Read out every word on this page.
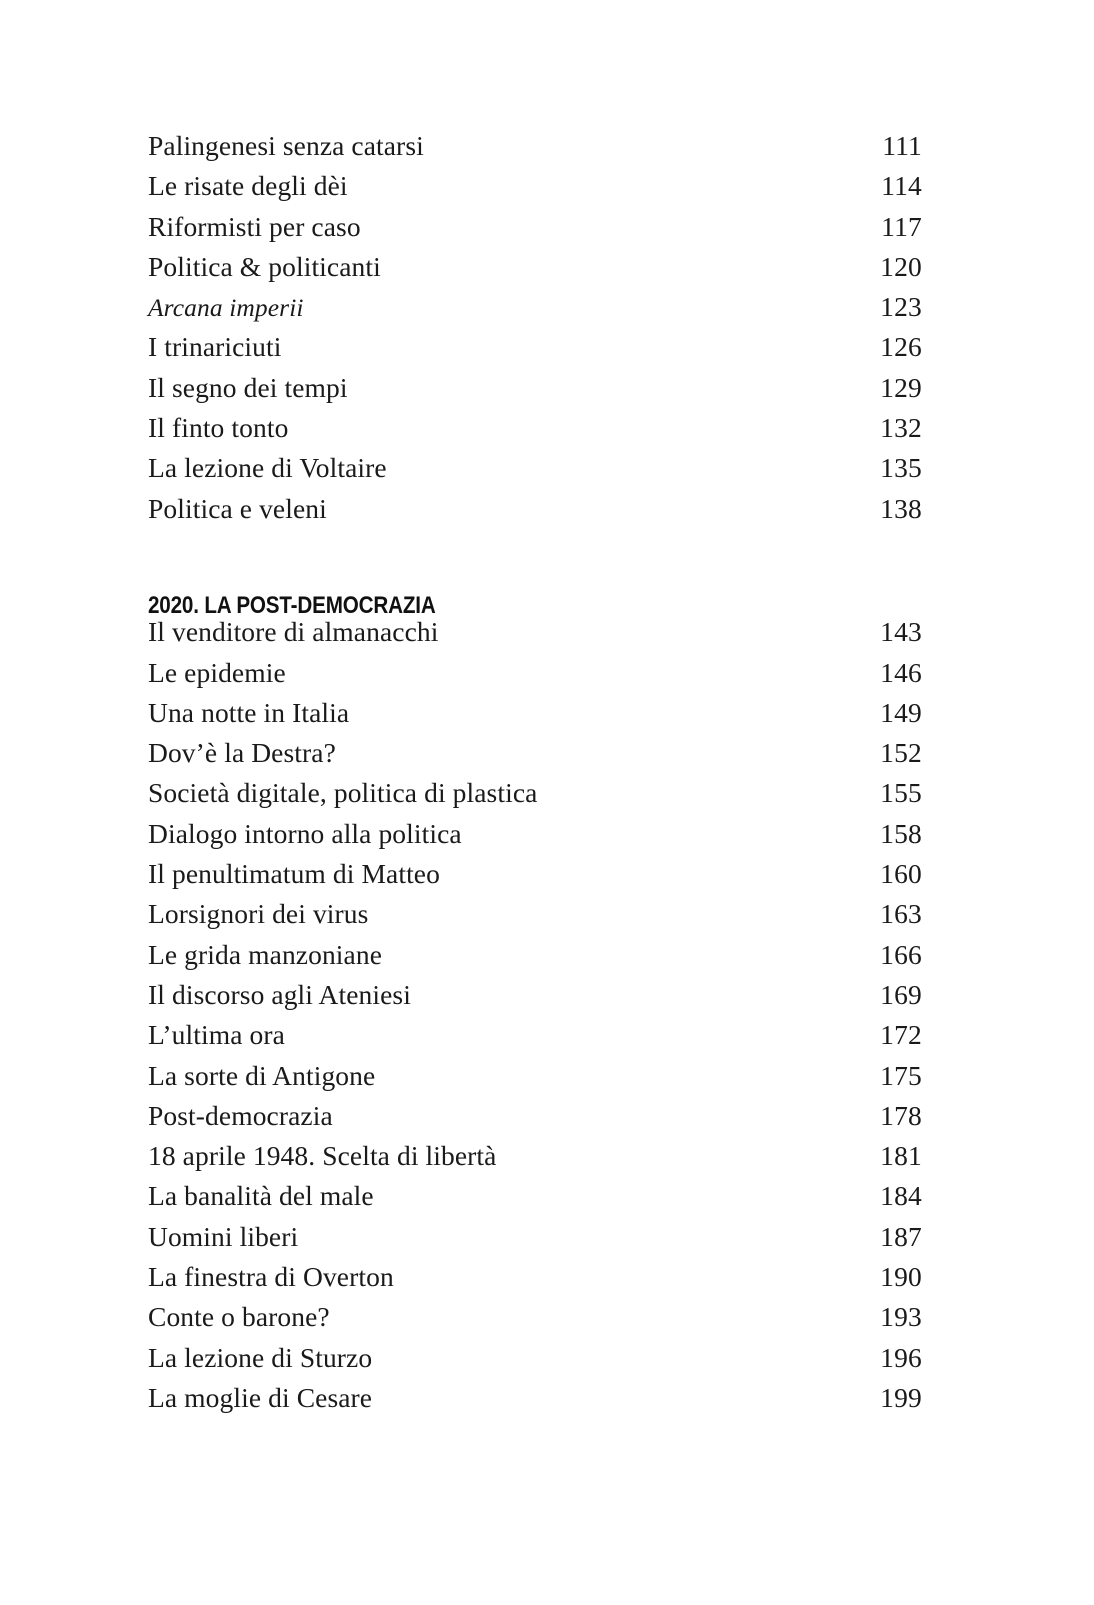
Palingenesi senza catarsi	111
Le risate degli dèi	114
Riformisti per caso	117
Politica & politicanti	120
Arcana imperii	123
I trinariciuti	126
Il segno dei tempi	129
Il finto tonto	132
La lezione di Voltaire	135
Politica e veleni	138
2020. LA POST-DEMOCRAZIA
Il venditore di almanacchi	143
Le epidemie	146
Una notte in Italia	149
Dov’è la Destra?	152
Società digitale, politica di plastica	155
Dialogo intorno alla politica	158
Il penultimatum di Matteo	160
Lorsignori dei virus	163
Le grida manzoniane	166
Il discorso agli Ateniesi	169
L’ultima ora	172
La sorte di Antigone	175
Post-democrazia	178
18 aprile 1948. Scelta di libertà	181
La banalità del male	184
Uomini liberi	187
La finestra di Overton	190
Conte o barone?	193
La lezione di Sturzo	196
La moglie di Cesare	199
